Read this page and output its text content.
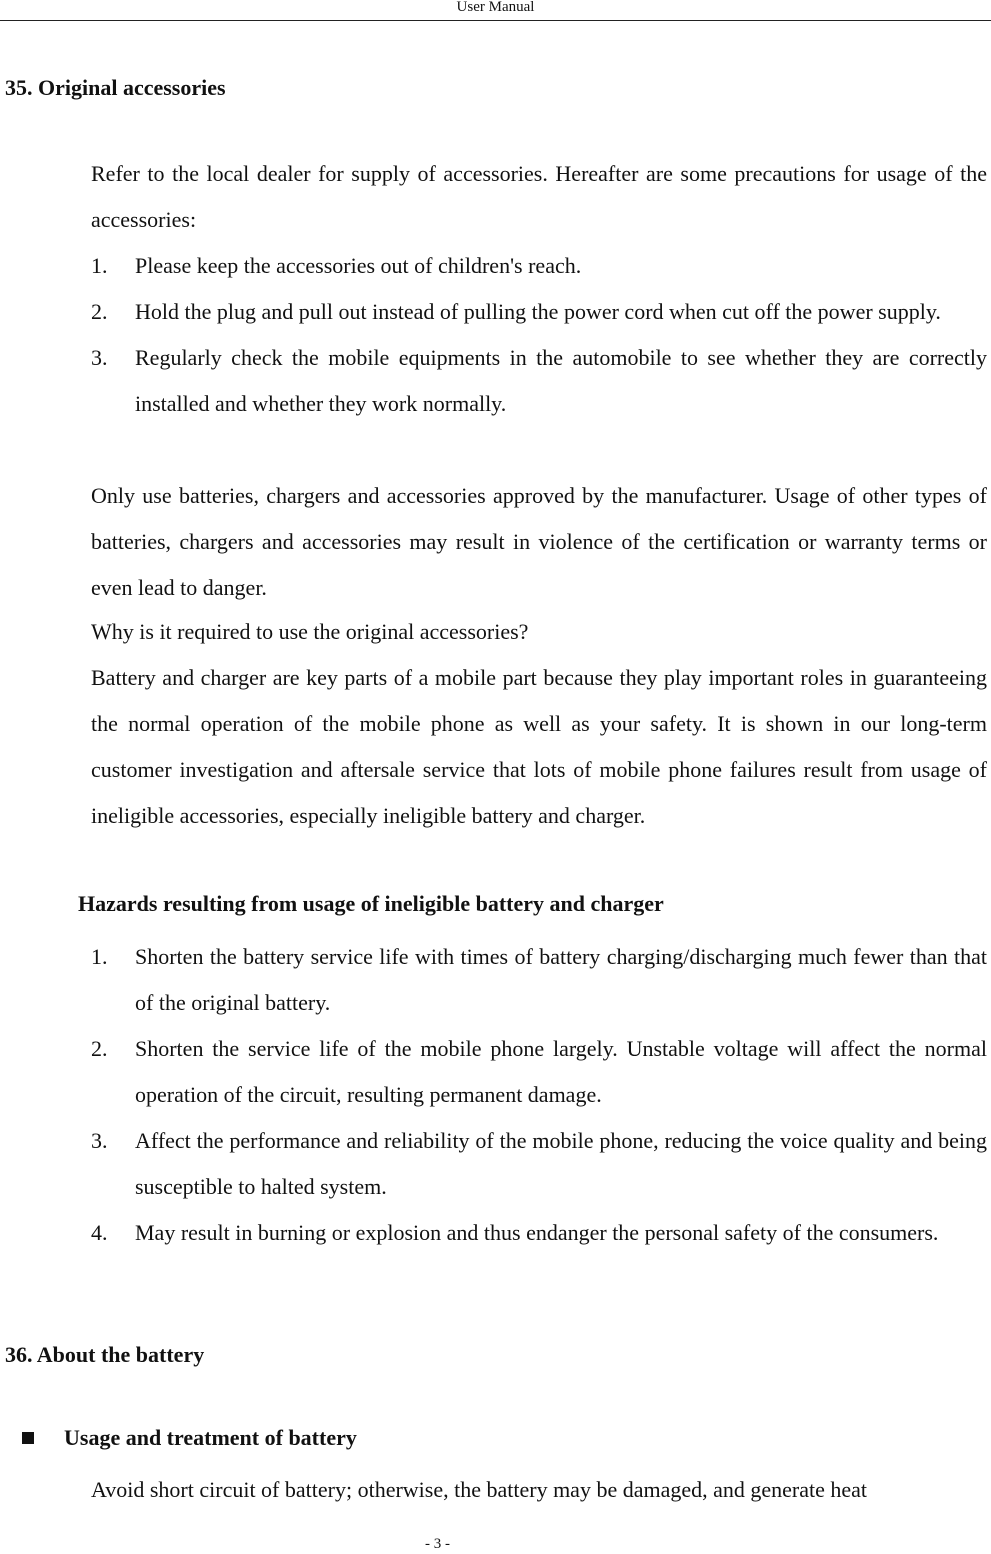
User Manual
35. Original accessories

Refer to the local dealer for supply of accessories. Hereafter are some precautions for usage of the accessories:

1. Please keep the accessories out of children's reach.
2. Hold the plug and pull out instead of pulling the power cord when cut off the power supply.
3. Regularly check the mobile equipments in the automobile to see whether they are correctly installed and whether they work normally.

Only use batteries, chargers and accessories approved by the manufacturer. Usage of other types of batteries, chargers and accessories may result in violence of the certification or warranty terms or even lead to danger.

Why is it required to use the original accessories?

Battery and charger are key parts of a mobile part because they play important roles in guaranteeing the normal operation of the mobile phone as well as your safety. It is shown in our long-term customer investigation and aftersale service that lots of mobile phone failures result from usage of ineligible accessories, especially ineligible battery and charger.

Hazards resulting from usage of ineligible battery and charger
1. Shorten the battery service life with times of battery charging/discharging much fewer than that of the original battery.
2. Shorten the service life of the mobile phone largely. Unstable voltage will affect the normal operation of the circuit, resulting permanent damage.
3. Affect the performance and reliability of the mobile phone, reducing the voice quality and being susceptible to halted system.
4. May result in burning or explosion and thus endanger the personal safety of the consumers.
36. About the battery
Usage and treatment of battery

Avoid short circuit of battery; otherwise, the battery may be damaged, and generate heat

- 3 -
